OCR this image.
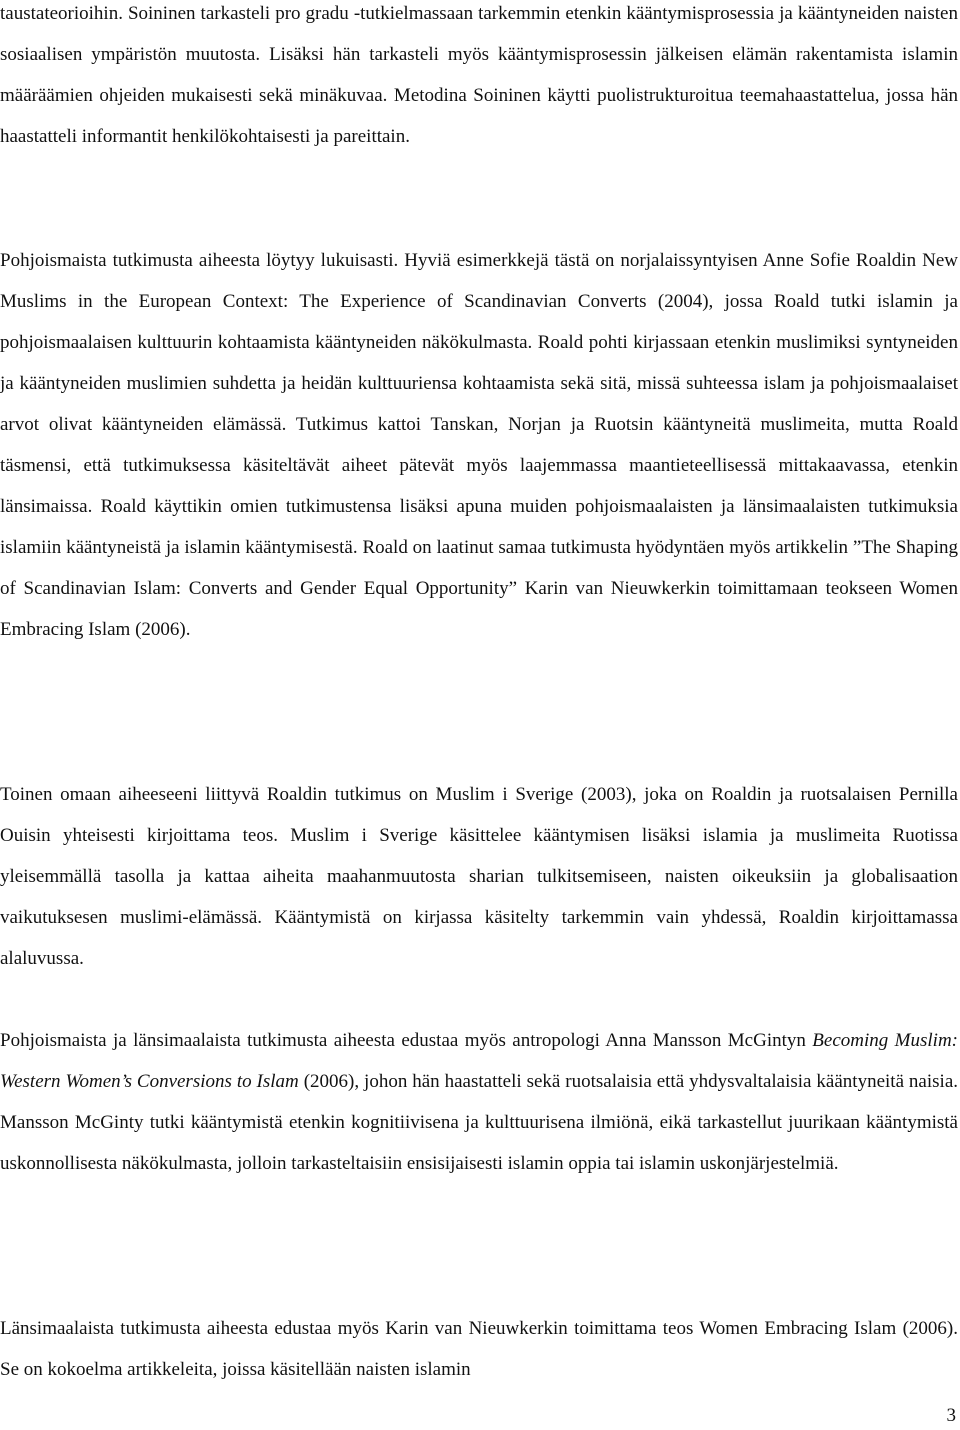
taustateorioihin. Soininen tarkasteli pro gradu -tutkielmassaan tarkemmin etenkin kääntymisprosessia ja kääntyneiden naisten sosiaalisen ympäristön muutosta. Lisäksi hän tarkasteli myös kääntymisprosessin jälkeisen elämän rakentamista islamin määräämien ohjeiden mukaisesti sekä minäkuvaa. Metodina Soininen käytti puolistrukturoitua teemahaastattelua, jossa hän haastatteli informantit henkilökohtaisesti ja pareittain.

Pohjoismaista tutkimusta aiheesta löytyy lukuisasti. Hyviä esimerkkejä tästä on norjalaissyntyisen Anne Sofie Roaldin New Muslims in the European Context: The Experience of Scandinavian Converts (2004), jossa Roald tutki islamin ja pohjoismaalaisen kulttuurin kohtaamista kääntyneiden näkökulmasta. Roald pohti kirjassaan etenkin muslimiksi syntyneiden ja kääntyneiden muslimien suhdetta ja heidän kulttuuriensa kohtaamista sekä sitä, missä suhteessa islam ja pohjoismaalaiset arvot olivat kääntyneiden elämässä. Tutkimus kattoi Tanskan, Norjan ja Ruotsin kääntyneitä muslimeita, mutta Roald täsmensi, että tutkimuksessa käsiteltävät aiheet pätevät myös laajemmassa maantieteellisessä mittakaavassa, etenkin länsimaissa. Roald käyttikin omien tutkimustensa lisäksi apuna muiden pohjoismaalaisten ja länsimaalaisten tutkimuksia islamiin kääntyneistä ja islamin kääntymisestä. Roald on laatinut samaa tutkimusta hyödyntäen myös artikkelin ”The Shaping of Scandinavian Islam: Converts and Gender Equal Opportunity” Karin van Nieuwkerkin toimittamaan teokseen Women Embracing Islam (2006).

Toinen omaan aiheeseeni liittyvä Roaldin tutkimus on Muslim i Sverige (2003), joka on Roaldin ja ruotsalaisen Pernilla Ouisin yhteisesti kirjoittama teos. Muslim i Sverige käsittelee kääntymisen lisäksi islamia ja muslimeita Ruotissa yleisemmällä tasolla ja kattaa aiheita maahanmuutosta sharian tulkitsemiseen, naisten oikeuksiin ja globalisaation vaikutuksesen muslimi-elämässä. Kääntymistä on kirjassa käsitelty tarkemmin vain yhdessä, Roaldin kirjoittamassa alaluvussa.

Pohjoismaista ja länsimaalaista tutkimusta aiheesta edustaa myös antropologi Anna Mansson McGintyn Becoming Muslim: Western Women’s Conversions to Islam (2006), johon hän haastatteli sekä ruotsalaisia että yhdysvaltalaisia kääntyneitä naisia. Mansson McGinty tutki kääntymistä etenkin kognitiivisena ja kulttuurisena ilmiönä, eikä tarkastellut juurikaan kääntymistä uskonnollisesta näkökulmasta, jolloin tarkasteltaisiin ensisijaisesti islamin oppia tai islamin uskonjärjestelmiä.

Länsimaalaista tutkimusta aiheesta edustaa myös Karin van Nieuwkerkin toimittama teos Women Embracing Islam (2006). Se on kokoelma artikkeleita, joissa käsitellään naisten islamin

3
